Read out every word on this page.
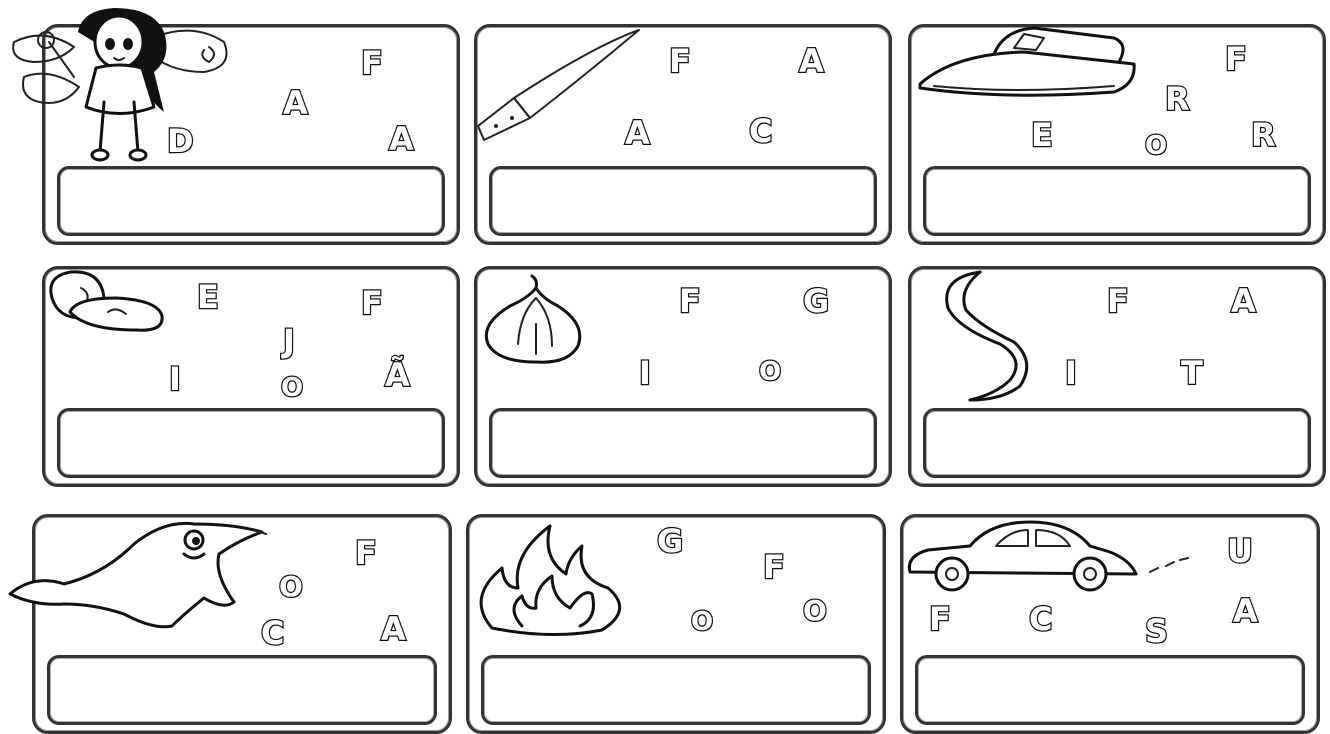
F
A
D	A
F	A
A	C
F
R
E	O	R
E	F
J
I	O	Ã
F	G
I	O
F	A
I	T
F
O
C	A
G
F
O	O
U
F C	S
A
